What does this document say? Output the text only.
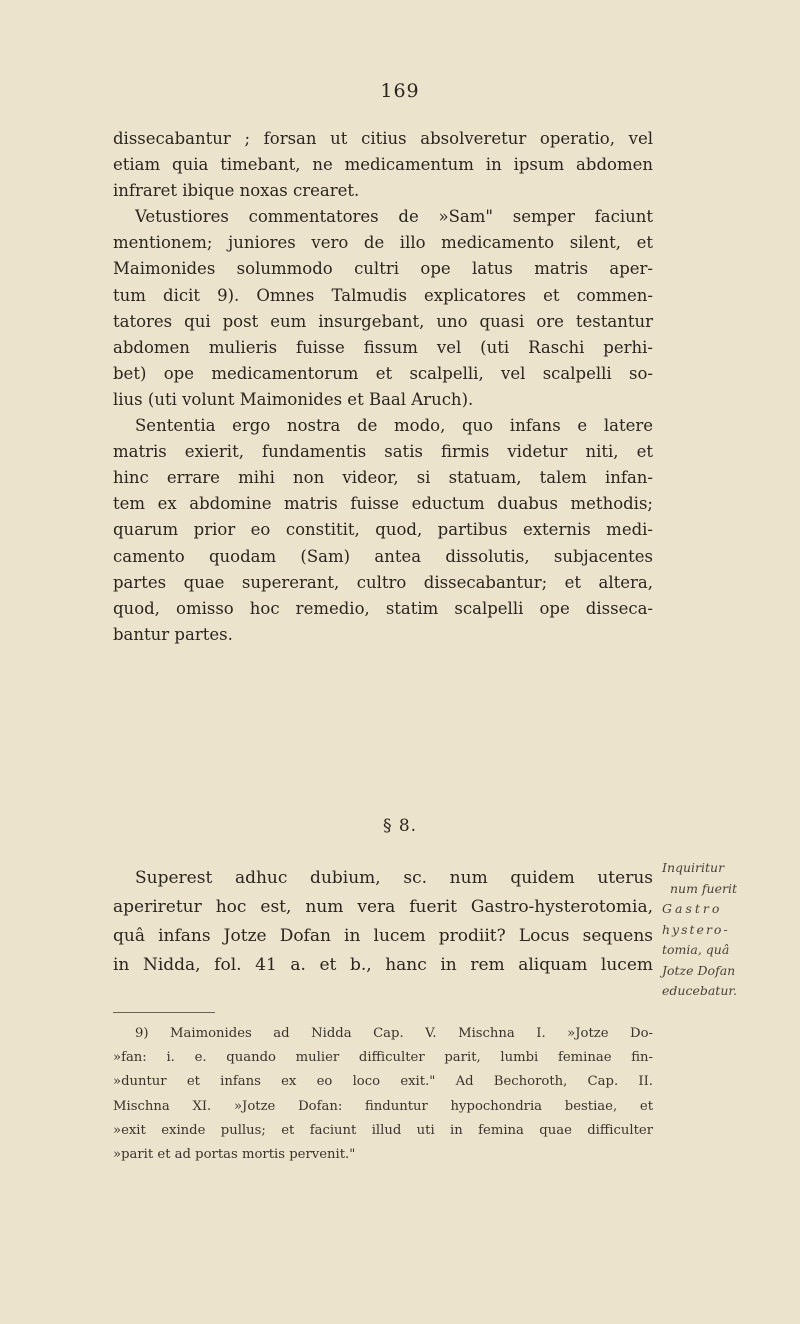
169
dissecabantur ; forsan ut citius absolveretur operatio, vel
etiam quia timebant, ne medicamentum in ipsum abdomen
infraret ibique noxas crearet.
Vetustiores commentatores de »Sam" semper faciunt
mentionem; juniores vero de illo medicamento silent, et
Maimonides solummodo cultri ope latus matris aper-
tum dicit 9). Omnes Talmudis explicatores et commen-
tatores qui post eum insurgebant, uno quasi ore testantur
abdomen mulieris fuisse fissum vel (uti Raschi perhi-
bet) ope medicamentorum et scalpelli, vel scalpelli so-
lius (uti volunt Maimonides et Baal Aruch).
Sententia ergo nostra de modo, quo infans e latere
matris exierit, fundamentis satis firmis videtur niti, et
hinc errare mihi non videor, si statuam, talem infan-
tem ex abdomine matris fuisse eductum duabus methodis;
quarum prior eo constitit, quod, partibus externis medi-
camento quodam (Sam) antea dissolutis, subjacentes
partes quae supererant, cultro dissecabantur; et altera,
quod, omisso hoc remedio, statim scalpelli ope disseca-
bantur partes.
§ 8.
Superest adhuc dubium, sc. num quidem uterus
aperiretur hoc est, num vera fuerit Gastro-hysterotomia,
quâ infans Jotze Dofan in lucem prodiit? Locus sequens
in Nidda, fol. 41 a. et b., hanc in rem aliquam lucem
Inquiritur
num fuerit
Gastro
hystero-
tomia, quâ
Jotze Dofan
educebatur.
9) Maimonides ad Nidda Cap. V. Mischna I. »Jotze Do-
»fan: i. e. quando mulier difficulter parit, lumbi feminae fin-
»duntur et infans ex eo loco exit." Ad Bechoroth, Cap. II.
Mischna XI. »Jotze Dofan: finduntur hypochondria bestiae, et
»exit exinde pullus; et faciunt illud uti in femina quae difficulter
»parit et ad portas mortis pervenit."
